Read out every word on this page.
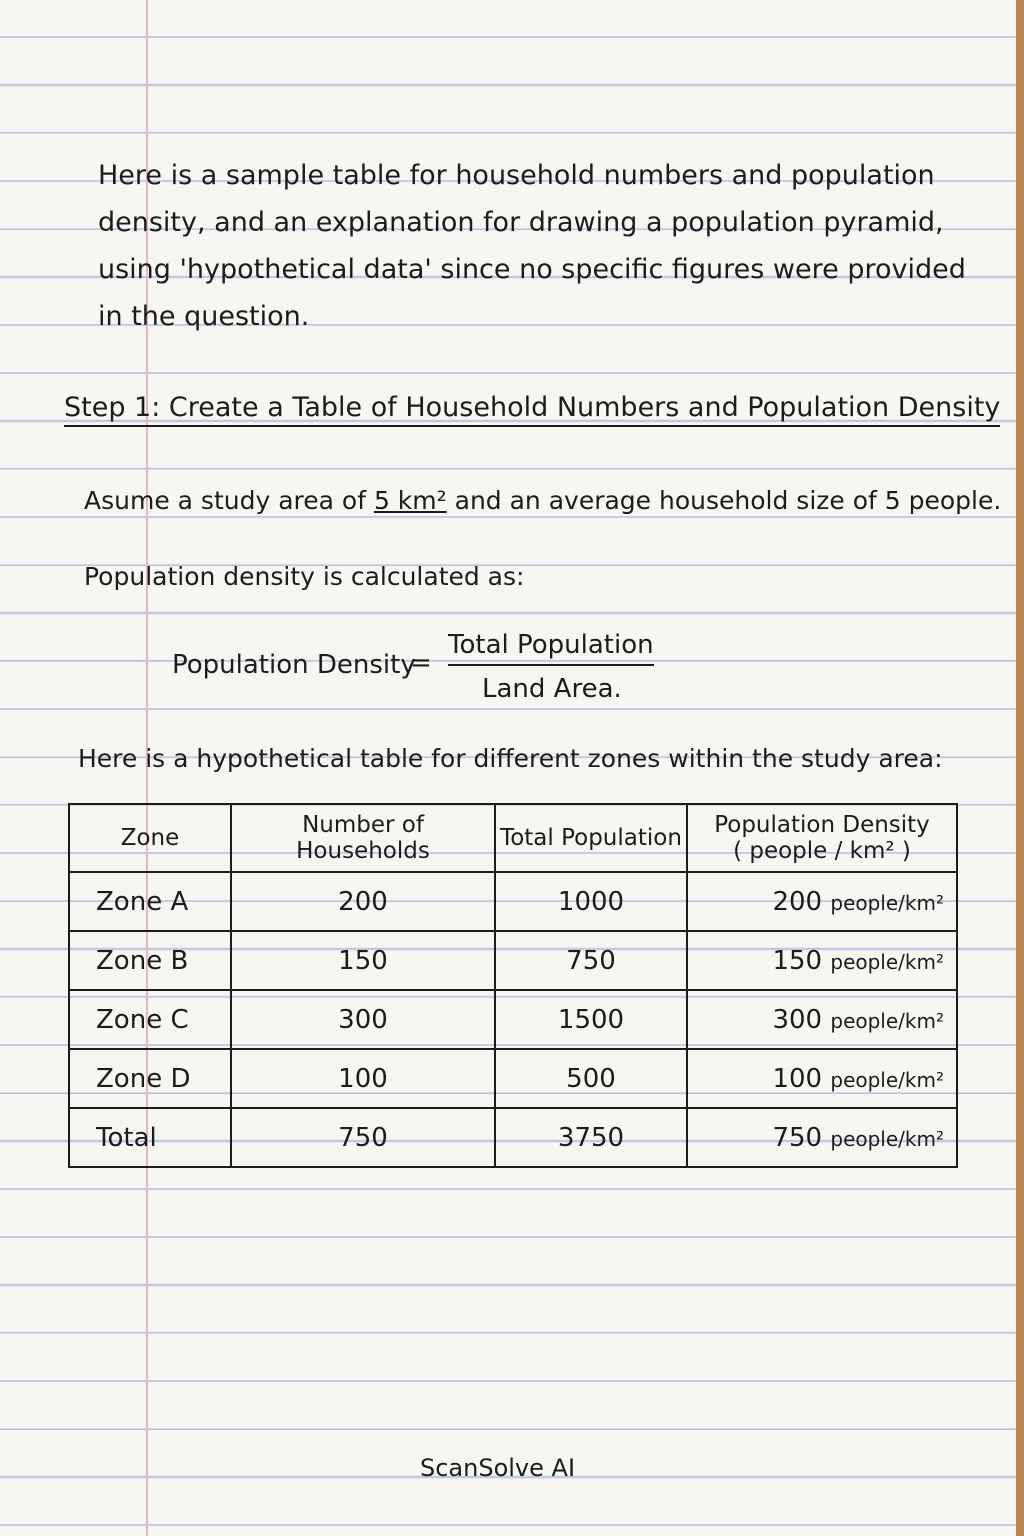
Here is a sample table for household numbers and population
density, and an explanation for drawing a population pyramid,
using 'hypothetical data' since no specific figures were provided
in the question.
Step 1: Create a Table of Household Numbers and Population Density
Asume a study area of 5 km² and an average household size of 5 people.
Population density is calculated as:
Population Density
=
Total Population
Land Area.
Here is a hypothetical table for different zones within the study area:
Zone	Number of Households	Total Population	Population Density
( people / km² )

Zone A	200	1000	200 people/km²
Zone B	150	750	150 people/km²
Zone C	300	1500	300 people/km²
Zone D	100	500	100 people/km²
Total	750	3750	750 people/km²
ScanSolve AI
